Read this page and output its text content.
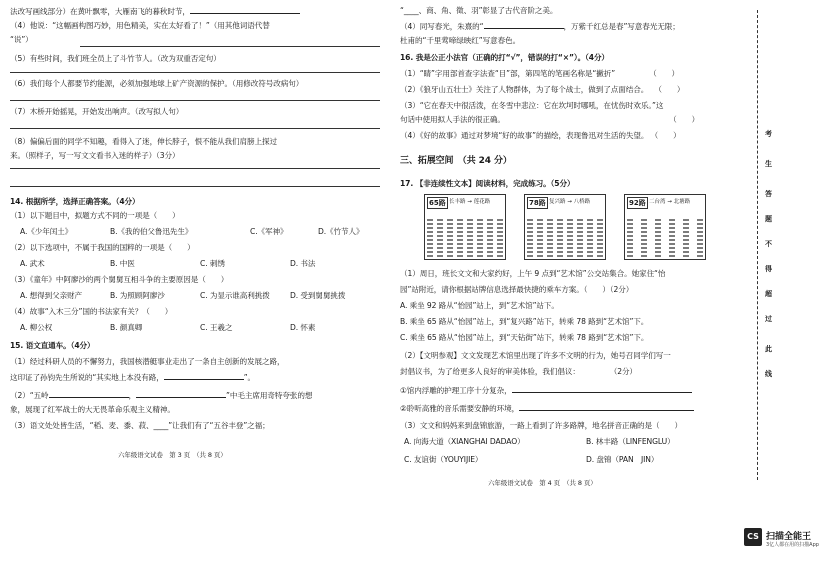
法改写画线部分）在黄叶飘零，大雁南飞的暮秋时节，
（4）他说：“这幅画构图巧妙，用色精美，实在太好看了！”（用其他词语代替
“说”）
（5）有些时间，我们班全员上了斗竹节人。（改为双重否定句）
（6）我们每个人都要节约能源，必须加强地球上矿产资源的保护。（用修改符号改病句）
（7）木桥开始摇晃，开始发出响声。（改写拟人句）
（8）偏偏后面的同学不知趣，看得入了迷，伸长脖子，恨不能从我们肩膀上探过
来。（照样子，写一写文文看书入迷的样子）（3分）
14. 根据所学，选择正确答案。（4分）
（1）以下题目中，拟题方式不同的一项是（　　）
A.《少年闰土》	B.《我的伯父鲁迅先生》	C.《军神》	D.《竹节人》
（2）以下选项中，不属于我国的国粹的一项是（　　）
A. 武术	B. 中医	C. 刺绣	D. 书法
（3）《童年》中阿廖沙的两个舅舅互相斗争的主要原因是（　　）
A. 想得到父亲财产	B. 为照顾阿廖沙	C. 为显示谁高利挑拨	D. 受到舅舅挑拨
（4）故事“入木三分”国的书法家有关？（　　）
A. 柳公权	B. 颜真卿	C. 王羲之	D. 怀素
15. 语文直通车。（4分）
（1）经过科研人员的不懈努力，我国核潜艇事业走出了一条自主创新的发展之路，
这印证了孙钧先生所说的“其实地上本没有路，	”。
（2）“五岭	，	”中毛主席用奇特夸张的想
象，展现了红军战士的大无畏革命乐观主义精神。
（3）语文处处皆生活，“稻、麦、黍、菽、____”让我们有了“五谷丰登”之福；
六年级语文试卷　第 3 页　（共 8 页）
“____、商、角、徵、羽”彰显了古代音阶之美。
（4）同写春光，朱熹的“	，万紫千红总是春”写意春光无限；
杜甫的“千里莺啼绿映红”写意春色。
16. 我是公正小法官（正确的打“√”，错误的打“×”）。（4分）
（1）“睛”字用部首查字法查“目”部，第四笔的笔画名称是“撇折”	（　　）
（2）《狼牙山五壮士》关注了人物群体，为了每个战士，做到了点面结合。 （　　）
（3）“它在春天中很活泼，在冬雪中悲泣：它在坎坷时哪吼，在忧伤时欢乐。”这
句话中使用拟人手法的很正确。	（　　）
（4）《好的故事》通过对梦境“好的故事”的描绘，表现鲁迅对生活的失望。 （　　）
三、拓展空间　（共 24 分）
17. 【非连续性文本】阅读材料，完成练习。（5分）
65路 长丰路 → 莲花路	78路 复兴路 → 八桥路	92路 二台湾 → 北塘路
（1）周日，班长文文和大家约好，上午 9 点到“艺术馆”公交站集合。她家住“怡
园”站附近，请你根据站牌信息选择最快捷的乘车方案。（　　）（2分）
A. 乘坐 92 路从“怡园”站上，到“艺术馆”站下。
B. 乘坐 65 路从“怡园”站上，到“复兴路”站下，转乘 78 路到“艺术馆”下。
C. 乘坐 65 路从“怡园”站上，到“天钻街”站下，转乘 78 路到“艺术馆”下。
（2）【文明参观】文文发现艺术馆里出现了许多不文明的行为，她号召同学们写一
封倡议书，为了给更多人良好的审美体验，我们倡议：　　　　　（2分）
①馆内浮雕的护理工序十分复杂，
②聆听高雅的音乐需要安静的环境，
（3）文文和妈妈来到盘锦旅游，一路上看到了许多路牌，地名拼音正确的是（　　）
A. 向海大道（XIANGHAI DADAO）	B. 林丰路（LINFENGLU）
C. 友谊街（YOUYIJIE）	D. 盘锦（PAN　JIN）
六年级语文试卷　第 4 页　（共 8 页）
考
生
答
题
不
得
超
过
此
线
CS 扫描全能王
3亿人都在用的扫描App
